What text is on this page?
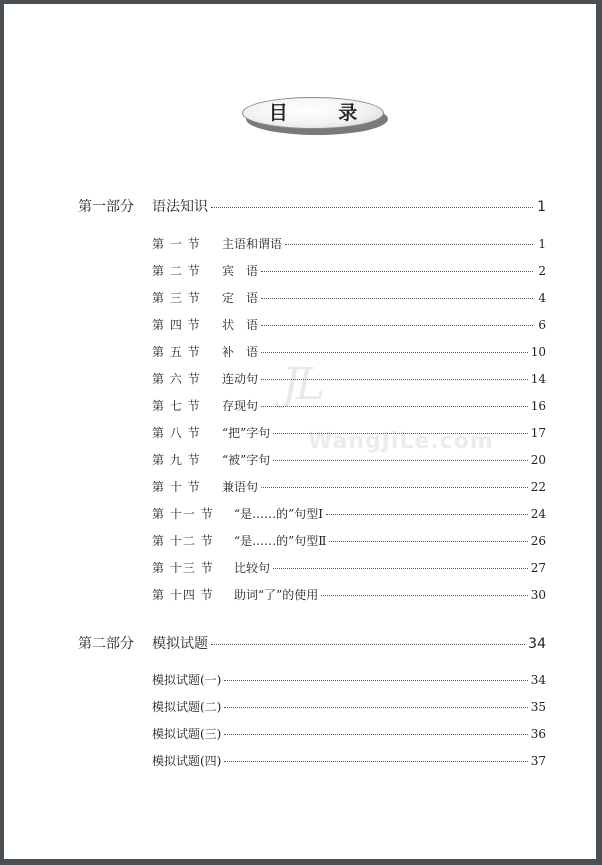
目 录
JL
WangJiLe.com
第一部分	语法知识	1
第 一 节	主语和谓语	1
第 二 节	宾　语	2
第 三 节	定　语	4
第 四 节	状　语	6
第 五 节	补　语	10
第 六 节	连动句	14
第 七 节	存现句	16
第 八 节	“把”字句	17
第 九 节	“被”字句	20
第 十 节	兼语句	22
第 十一 节	“是……的”句型Ⅰ	24
第 十二 节	“是……的”句型Ⅱ	26
第 十三 节	比较句	27
第 十四 节	助词“了”的使用	30
第二部分	模拟试题	34
模拟试题(一)	34
模拟试题(二)	35
模拟试题(三)	36
模拟试题(四)	37
